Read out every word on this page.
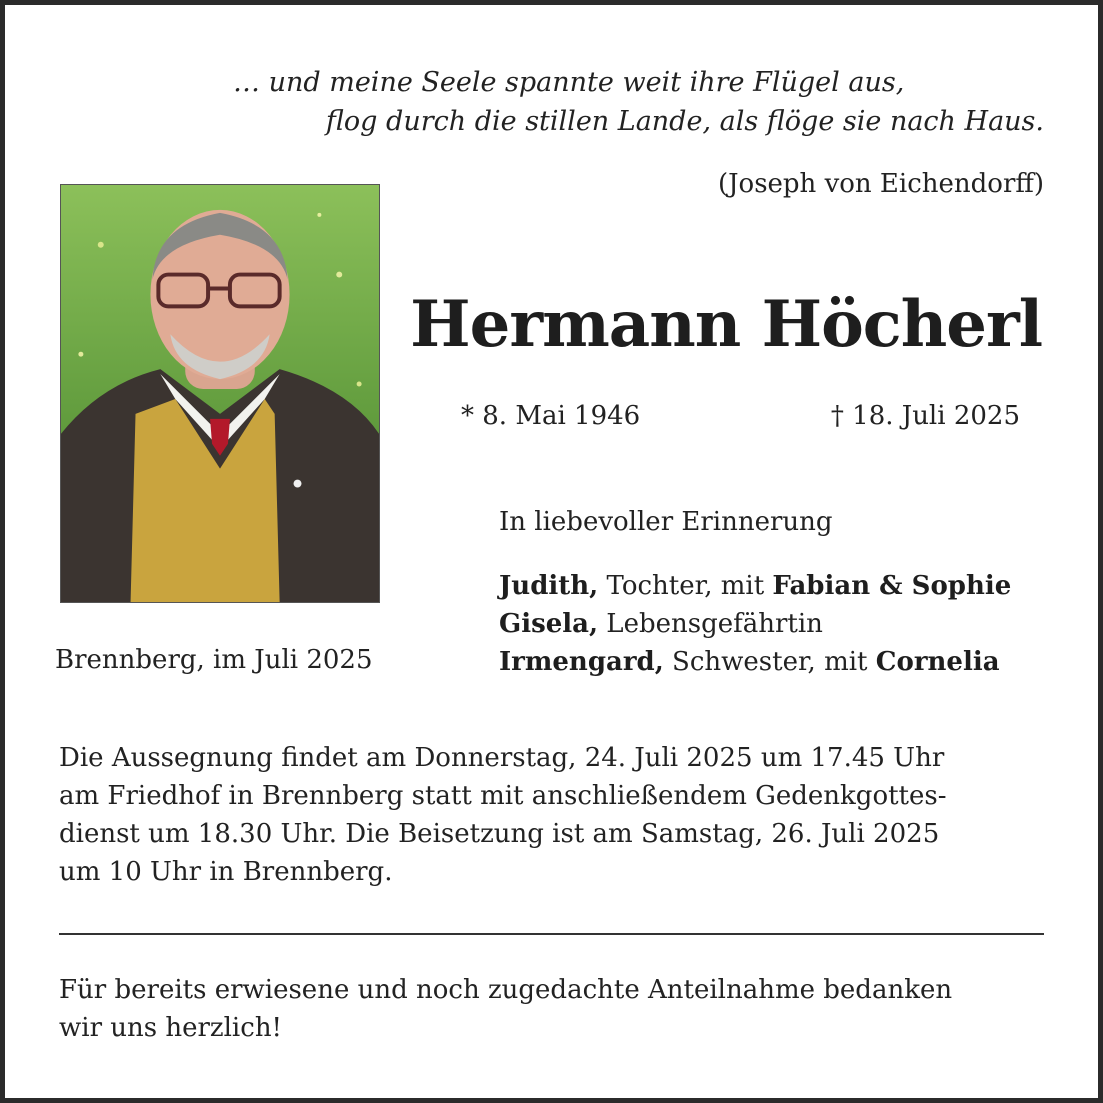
… und meine Seele spannte weit ihre Flügel aus,
flog durch die stillen Lande, als flöge sie nach Haus.
(Joseph von Eichendorff)
Hermann Höcherl
* 8. Mai 1946	† 18. Juli 2025
In liebevoller Erinnerung
Judith, Tochter, mit Fabian & Sophie
Gisela, Lebensgefährtin
Irmengard, Schwester, mit Cornelia
Brennberg, im Juli 2025
Die Aussegnung findet am Donnerstag, 24. Juli 2025 um 17.45 Uhr
am Friedhof in Brennberg statt mit anschließendem Gedenkgottes-
dienst um 18.30 Uhr. Die Beisetzung ist am Samstag, 26. Juli 2025
um 10 Uhr in Brennberg.
Für bereits erwiesene und noch zugedachte Anteilnahme bedanken
wir uns herzlich!
